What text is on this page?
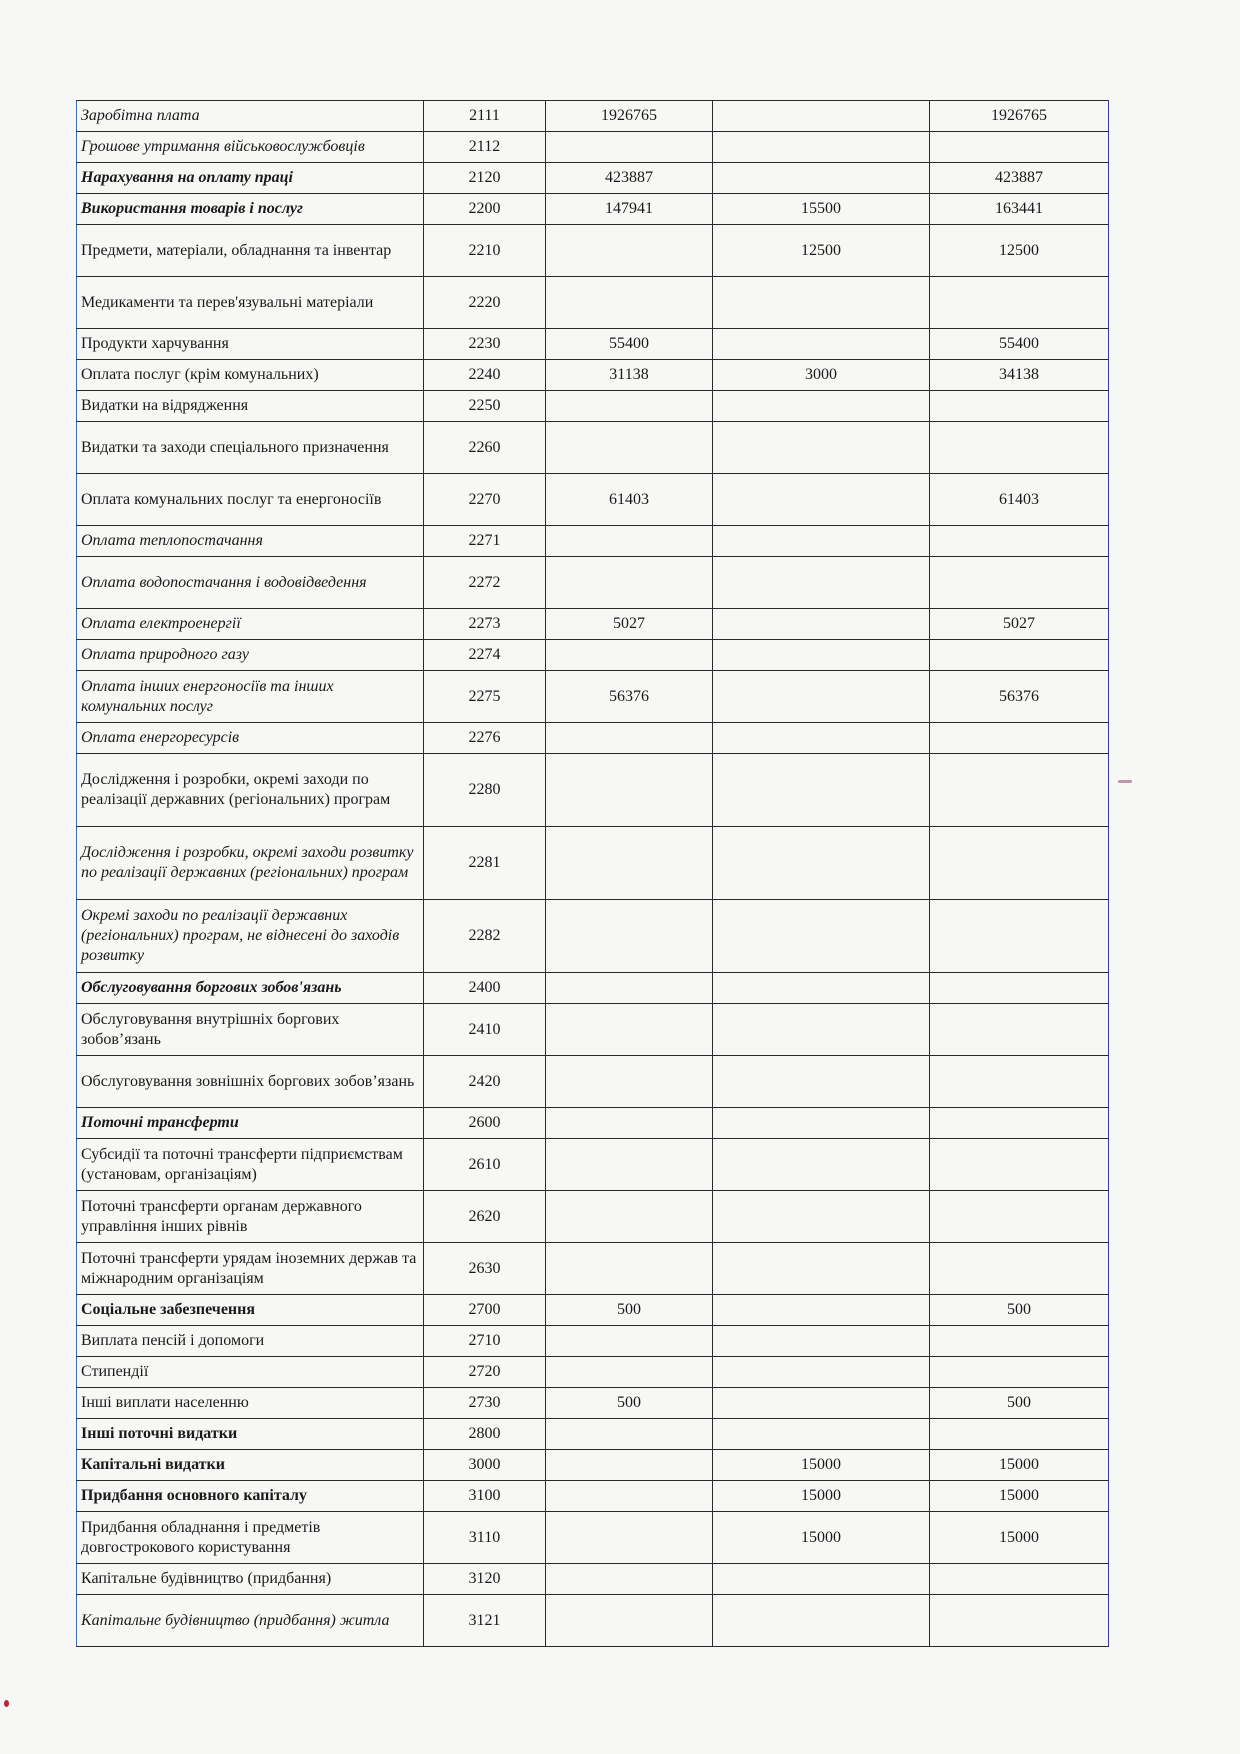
Заробітна плата	2111	1926765		1926765
Грошове утримання військовослужбовців	2112			
Нарахування на оплату праці	2120	423887		423887
Використання товарів і послуг	2200	147941	15500	163441
Предмети, матеріали, обладнання та інвентар	2210		12500	12500
Медикаменти та перев'язувальні матеріали	2220			
Продукти харчування	2230	55400		55400
Оплата послуг (крім комунальних)	2240	31138	3000	34138
Видатки на відрядження	2250			
Видатки та заходи спеціального призначення	2260			
Оплата комунальних послуг та енергоносіїв	2270	61403		61403
Оплата теплопостачання	2271			
Оплата водопостачання і водовідведення	2272			
Оплата електроенергії	2273	5027		5027
Оплата природного газу	2274			
Оплата інших енергоносіїв та інших комунальних послуг	2275	56376		56376
Оплата енергоресурсів	2276			
Дослідження і розробки, окремі заходи по реалізації державних (регіональних) програм	2280			
Дослідження і розробки, окремі заходи розвитку по реалізації державних (регіональних) програм	2281			
Окремі заходи по реалізації державних (регіональних) програм, не віднесені до заходів розвитку	2282			
Обслуговування боргових зобов'язань	2400			
Обслуговування внутрішніх боргових зобов’язань	2410			
Обслуговування зовнішніх боргових зобов’язань	2420			
Поточні трансферти	2600			
Субсидії та поточні трансферти підприємствам (установам, організаціям)	2610			
Поточні трансферти органам державного управління інших рівнів	2620			
Поточні трансферти урядам іноземних держав та міжнародним організаціям	2630			
Соціальне забезпечення	2700	500		500
Виплата пенсій і допомоги	2710			
Стипендії	2720			
Інші виплати населенню	2730	500		500
Інші поточні видатки	2800			
Капітальні видатки	3000		15000	15000
Придбання основного капіталу	3100		15000	15000
Придбання обладнання і предметів довгострокового користування	3110		15000	15000
Капітальне будівництво (придбання)	3120			
Капітальне будівництво (придбання) житла	3121			
